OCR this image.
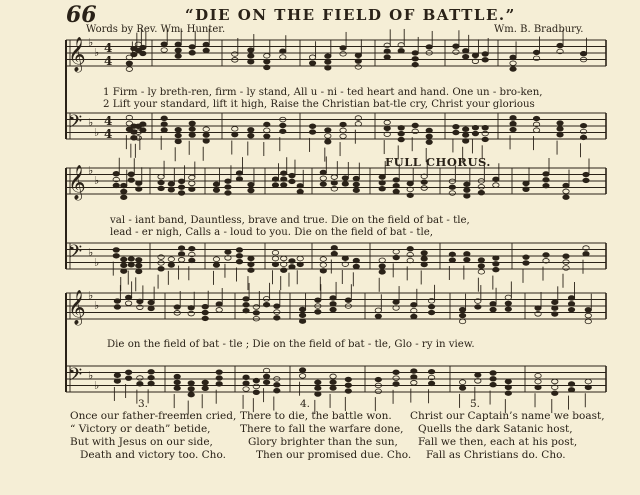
66	“DIE ON THE FIELD OF BATTLE.”
Words by Rev. Wm. Hunter.	Wm. B. Bradbury.
𝄞 ♭
♭ 4
4
𝄢 ♭
♭
4
4
𝄞 ♭
♭
𝄢 ♭
♭
𝄞 ♭
♭
𝄢 ♭
♭
1 Firm - ly breth-ren, firm - ly stand, All u - ni - ted heart and hand. One un - bro-ken,
2 Lift your standard, lift it high, Raise the Christian bat-tle cry, Christ your glorious
FULL CHORUS.
val - iant band, Dauntless, brave and true. Die on the field of bat - tle,
lead - er nigh, Calls a - loud to you. Die on the field of bat - tle,
Die on the field of bat - tle ; Die on the field of bat - tle, Glo - ry in view.
3.	4.	5.
Once our father-freemen cried,
“ Victory or death” betide,
But with Jesus on our side,
Death and victory too. Cho.
There to die, the battle won.
There to fall the warfare done,
Glory brighter than the sun,
Then our promised due. Cho.
Christ our Captain’s name we boast,
Quells the dark Satanic host,
Fall we then, each at his post,
Fall as Christians do. Cho.
